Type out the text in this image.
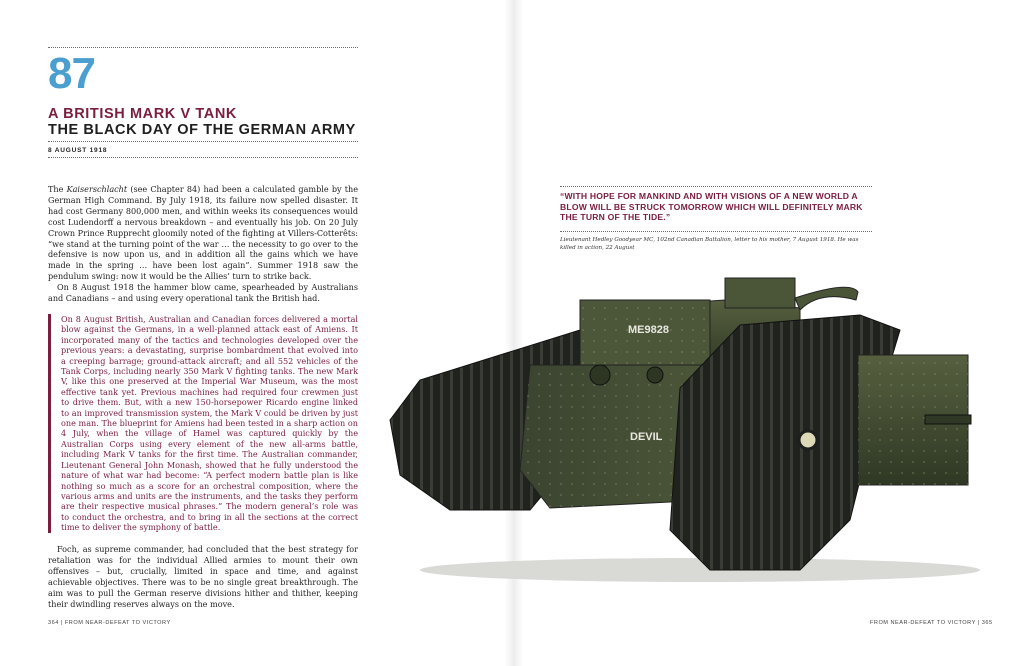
87
A BRITISH MARK V TANK
THE BLACK DAY OF THE GERMAN ARMY
8 AUGUST 1918

The Kaiserschlacht (see Chapter 84) had been a calculated gamble by the German High Command. By July 1918, its failure now spelled disaster. It had cost Germany 800,000 men, and within weeks its consequences would cost Ludendorff a nervous breakdown – and eventually his job. On 20 July Crown Prince Rupprecht gloomily noted of the fighting at Villers-Cotterêts: “we stand at the turning point of the war … the necessity to go over to the defensive is now upon us, and in addition all the gains which we have made in the spring … have been lost again”. Summer 1918 saw the pendulum swing: now it would be the Allies’ turn to strike back.

On 8 August 1918 the hammer blow came, spearheaded by Australians and Canadians – and using every operational tank the British had.

On 8 August British, Australian and Canadian forces delivered a mortal blow against the Germans, in a well-planned attack east of Amiens. It incorporated many of the tactics and technologies developed over the previous years: a devastating, surprise bombardment that evolved into a creeping barrage; ground-attack aircraft; and all 552 vehicles of the Tank Corps, including nearly 350 Mark V fighting tanks. The new Mark V, like this one preserved at the Imperial War Museum, was the most effective tank yet. Previous machines had required four crewmen just to drive them. But, with a new 150-horsepower Ricardo engine linked to an improved transmission system, the Mark V could be driven by just one man. The blueprint for Amiens had been tested in a sharp action on 4 July, when the village of Hamel was captured quickly by the Australian Corps using every element of the new all-arms battle, including Mark V tanks for the first time. The Australian commander, Lieutenant General John Monash, showed that he fully understood the nature of what war had become: “A perfect modern battle plan is like nothing so much as a score for an orchestral composition, where the various arms and units are the instruments, and the tasks they perform are their respective musical phrases.” The modern general’s role was to conduct the orchestra, and to bring in all the sections at the correct time to deliver the symphony of battle.

Foch, as supreme commander, had concluded that the best strategy for retaliation was for the individual Allied armies to mount their own offensives – but, crucially, limited in space and time, and against achievable objectives. There was to be no single great breakthrough. The aim was to pull the German reserve divisions hither and thither, keeping their dwindling reserves always on the move.

364 | FROM NEAR-DEFEAT TO VICTORY
“WITH HOPE FOR MANKIND AND WITH VISIONS OF A NEW WORLD A BLOW WILL BE STRUCK TOMORROW WHICH WILL DEFINITELY MARK THE TURN OF THE TIDE.”
Lieutenant Hedley Goodyear MC, 102nd Canadian Battalion, letter to his mother, 7 August 1918. He was killed in action, 22 August
ME9828
DEVIL
FROM NEAR-DEFEAT TO VICTORY | 365
